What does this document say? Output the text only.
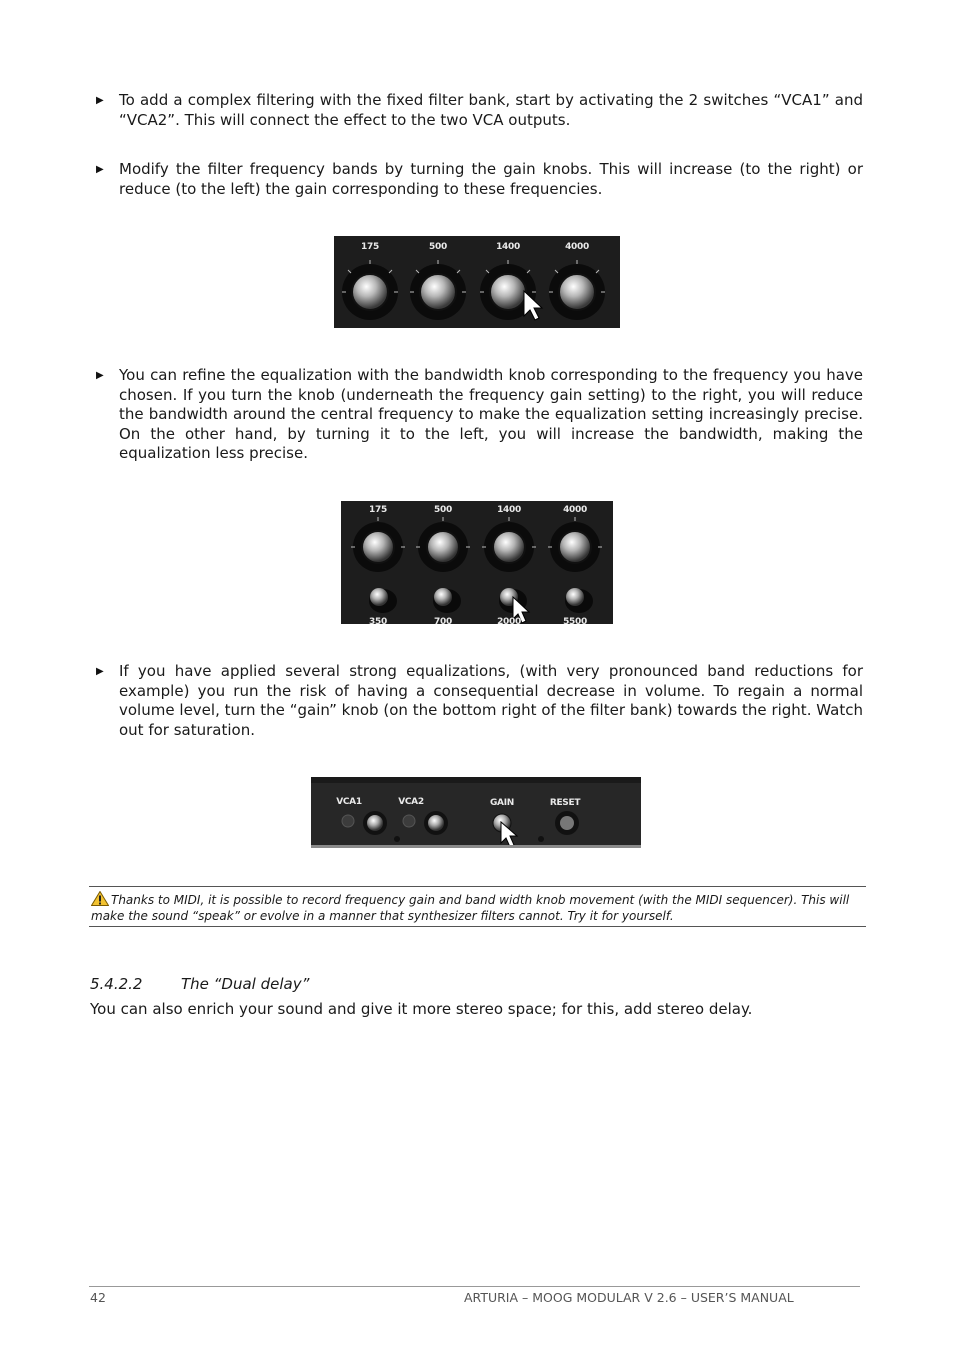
▶ To add a complex filtering with the fixed filter bank, start by activating the 2 switches “VCA1” and “VCA2”. This will connect the effect to the two VCA outputs.
▶ Modify the filter frequency bands by turning the gain knobs. This will increase (to the right) or reduce (to the left) the gain corresponding to these frequencies.
175	500	1400	4000
▶ You can refine the equalization with the bandwidth knob corresponding to the frequency you have chosen. If you turn the knob (underneath the frequency gain setting) to the right, you will reduce the bandwidth around the central frequency to make the equalization setting increasingly precise. On the other hand, by turning it to the left, you will increase the bandwidth, making the equalization less precise.
175	500	1400	4000
350	700	2000	5500
▶ If you have applied several strong equalizations, (with very pronounced band reductions for example) you run the risk of having a consequential decrease in volume. To regain a normal volume level, turn the “gain” knob (on the bottom right of the filter bank) towards the right. Watch out for saturation.
VCA1	VCA2	GAIN	RESET
Thanks to MIDI, it is possible to record frequency gain and band width knob movement (with the MIDI sequencer). This will make the sound “speak” or evolve in a manner that synthesizer filters cannot. Try it for yourself.
5.4.2.2	The “Dual delay”
You can also enrich your sound and give it more stereo space; for this, add stereo delay.
42	ARTURIA – MOOG MODULAR V 2.6 – USER’S MANUAL
